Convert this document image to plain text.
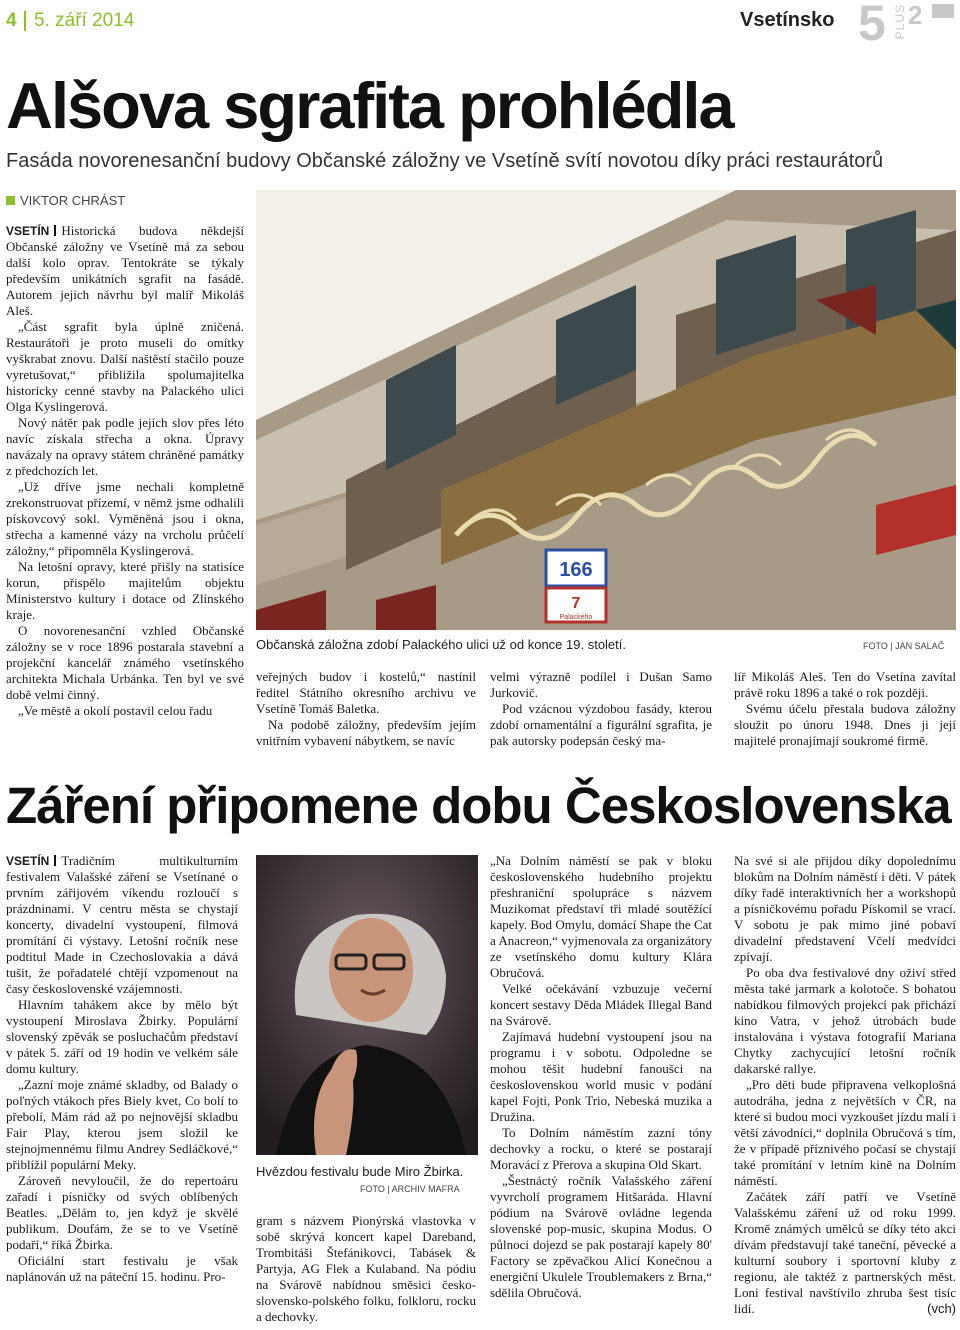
4 5. září 2014	Vsetínsko 5 PLUS 2
Alšova sgrafita prohlédla
Fasáda novorenesanční budovy Občanské záložny ve Vsetíně svítí novotou díky práci restaurátorů
VIKTOR CHRÁST

VSETÍN Historická budova někdejší Občanské záložny ve Vsetíně má za sebou další kolo oprav. Tentokráte se týkaly především unikátních sgrafit na fasádě. Autorem jejich návrhu byl malíř Mikoláš Aleš.

„Část sgrafit byla úplně zničená. Restaurátoři je proto museli do omítky vyškrabat znovu. Další naštěstí stačilo pouze vyretušovat,“ přibližila spolumajitelka historicky cenné stavby na Palackého ulici Olga Kyslingerová.

Nový nátěr pak podle jejích slov přes léto navíc získala střecha a okna. Úpravy navázaly na opravy státem chráněné památky z předchozích let.

„Už dříve jsme nechali kompletně zrekonstruovat přízemí, v němž jsme odhalili pískovcový sokl. Vyměněná jsou i okna, střecha a kamenné vázy na vrcholu průčelí záložny,“ připomněla Kyslingerová.

Na letošní opravy, které přišly na statisíce korun, přispělo majitelům objektu Ministerstvo kultury i dotace od Zlínského kraje.

O novorenesanční vzhled Občanské záložny se v roce 1896 postarala stavební a projekční kancelář známého vsetínského architekta Michala Urbánka. Ten byl ve své době velmi činný.

„Ve městě a okolí postavil celou řadu

166
7
Palackého
Občanská záložna zdobí Palackého ulici už od konce 19. století.	FOTO | JAN SALAČ

veřejných budov i kostelů,“ nastínil ředitel Státního okresního archivu ve Vsetíně Tomáš Baletka.

Na podobě záložny, především jejím vnitřním vybavení nábytkem, se navíc

velmi výrazně podílel i Dušan Samo Jurkovič.

Pod vzácnou výzdobou fasády, kterou zdobí ornamentální a figurální sgrafita, je pak autorsky podepsán český ma-

líř Mikoláš Aleš. Ten do Vsetína zavítal právě roku 1896 a také o rok později.

Svému účelu přestala budova záložny sloužit po únoru 1948. Dnes ji její majitelé pronajímají soukromé firmě.

Záření připomene dobu Československa

VSETÍN Tradičním multikulturním festivalem Valašské záření se Vsetínané o prvním zářijovém víkendu rozloučí s prázdninami. V centru města se chystají koncerty, divadelní vystoupení, filmová promítání či výstavy. Letošní ročník nese podtitul Made in Czechoslovakia a dává tušit, že pořadatelé chtějí vzpomenout na časy československé vzájemnosti.

Hlavním tahákem akce by mělo být vystoupení Miroslava Žbirky. Populární slovenský zpěvák se posluchačům představí v pátek 5. září od 19 hodin ve velkém sále domu kultury.

„Zazní moje známé skladby, od Balady o poľných vtákoch přes Biely kvet, Co bolí to přebolí, Mám rád až po nejnovější skladbu Fair Play, kterou jsem složil ke stejnojmennému filmu Andrey Sedláčkové,“ přiblížil populární Meky.

Zároveň nevyloučil, že do repertoáru zařadí i písničky od svých oblíbených Beatles. „Dělám to, jen když je skvělé publikum. Doufám, že se to ve Vsetíně podaří,“ říká Žbirka.

Oficiální start festivalu je však naplánován už na páteční 15. hodinu. Pro-

Hvězdou festivalu bude Miro Žbirka.
FOTO | ARCHIV MAFRA

gram s názvem Pionýrská vlastovka v sobě skrývá koncert kapel Dareband, Trombitáši Štefánikovci, Tabásek & Partyja, AG Flek a Kulaband. Na pódiu na Svárově nabídnou směsici česko-slovensko-polského folku, folkloru, rocku a dechovky.

„Na Dolním náměstí se pak v bloku československého hudebního projektu přeshraniční spolupráce s názvem Muzikomat představí tři mladé soutěžící kapely. Bod Omylu, domácí Shape the Cat a Anacreon,“ vyjmenovala za organizátory ze vsetínského domu kultury Klára Obručová.

Velké očekávání vzbuzuje večerní koncert sestavy Děda Mládek Illegal Band na Svárově.

Zajímavá hudební vystoupení jsou na programu i v sobotu. Odpoledne se mohou těšit hudební fanoušci na československou world music v podání kapel Fojti, Ponk Trio, Nebeská muzika a Družina.

To Dolním náměstím zazní tóny dechovky a rocku, o které se postarají Moravácí z Přerova a skupina Old Skart.

„Šestnáctý ročník Valašského záření vyvrcholí programem Hitšaráda. Hlavní pódium na Svárově ovládne legenda slovenské pop-music, skupina Modus. O půlnoci dojezd se pak postarají kapely 80' Factory se zpěvačkou Alicí Konečnou a energiční Ukulele Troublemakers z Brna,“ sdělila Obručová.

Na své si ale přijdou díky dopolednímu blokům na Dolním náměstí i děti. V pátek díky řadě interaktivních her a workshopů a písničkovému pořadu Pískomil se vrací. V sobotu je pak mimo jiné pobaví divadelní představení Včelí medvídci zpívají.

Po oba dva festivalové dny oživí střed města také jarmark a kolotoče. S bohatou nabídkou filmových projekcí pak přichází kino Vatra, v jehož útrobách bude instalována i výstava fotografií Mariana Chytky zachycující letošní ročník dakarské rallye.

„Pro děti bude připravena velkoplošná autodráha, jedna z největších v ČR, na které si budou moci vyzkoušet jízdu malí i větší závodníci,“ doplnila Obručová s tím, že v případě příznivého počasí se chystají také promítání v letním kině na Dolním náměstí.

Začátek září patří ve Vsetíně Valašskému záření už od roku 1999. Kromě známých umělců se díky této akci dívám představují také taneční, pěvecké a kulturní soubory i sportovní kluby z regionu, ale taktéž z partnerských měst. Loni festival navštívilo zhruba šest tisíc lidí.	(vch)
